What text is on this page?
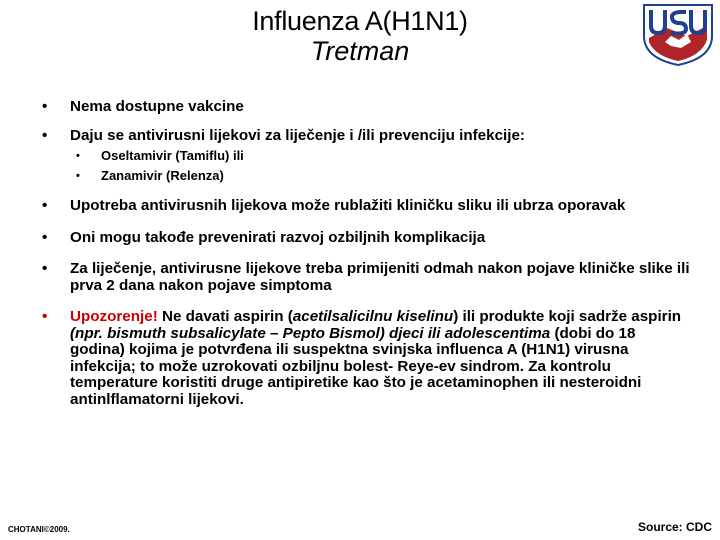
Influenza A(H1N1)
Tretman
• Nema dostupne vakcine
• Daju se antivirusni lijekovi za liječenje i /ili prevenciju infekcije:
• Oseltamivir (Tamiflu) ili
• Zanamivir (Relenza)
• Upotreba antivirusnih lijekova može rublažiti kliničku sliku ili ubrza oporavak
• Oni mogu takođe prevenirati razvoj ozbiljnih komplikacija
• Za liječenje, antivirusne lijekove treba primijeniti odmah nakon pojave kliničke slike ili prva 2 dana nakon pojave simptoma
• Upozorenje! Ne davati aspirin (acetilsalicilnu kiselinu) ili produkte koji sadrže aspirin (npr. bismuth subsalicylate – Pepto Bismol) djeci ili adolescentima (dobi do 18 godina) kojima je potvrđena ili suspektna svinjska influenca A (H1N1) virusna infekcija; to može uzrokovati ozbiljnu bolest- Reye-ev sindrom. Za kontrolu temperature koristiti druge antipiretike kao što je acetaminophen ili nesteroidni antinlflamatorni lijekovi.
CHOTANI©2009.	Source: CDC
